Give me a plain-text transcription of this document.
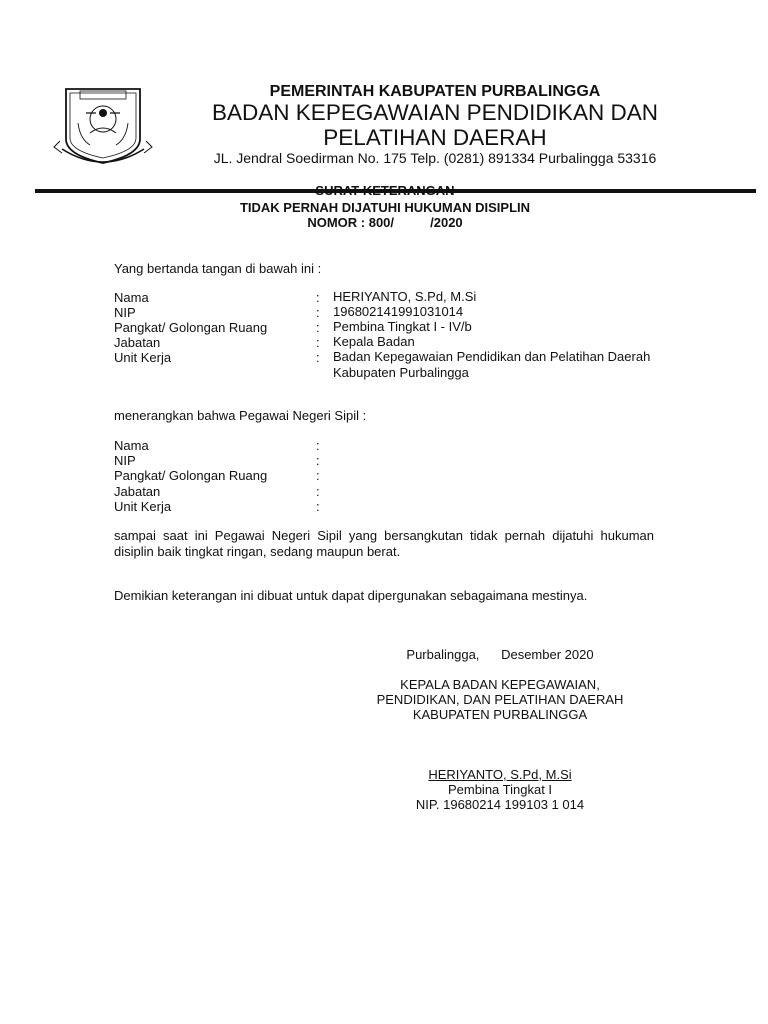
PEMERINTAH KABUPATEN PURBALINGGA
BADAN KEPEGAWAIAN PENDIDIKAN DAN
PELATIHAN DAERAH
JL. Jendral Soedirman No. 175 Telp. (0281) 891334 Purbalingga 53316
TIDAK PERNAH DIJATUHI HUKUMAN DISIPLIN
NOMOR : 800/          /2020
Yang bertanda tangan di bawah ini :
Nama	: HERIYANTO, S.Pd, M.Si
NIP	: 196802141991031014
Pangkat/ Golongan Ruang	: Pembina Tingkat I - IV/b
Jabatan	: Kepala Badan
Unit Kerja	: Badan Kepegawaian Pendidikan dan Pelatihan Daerah Kabupaten Purbalingga
menerangkan bahwa Pegawai Negeri Sipil :
Nama	:
NIP	:
Pangkat/ Golongan Ruang	:
Jabatan	:
Unit Kerja	:
sampai saat ini Pegawai Negeri Sipil yang bersangkutan tidak pernah dijatuhi hukuman disiplin baik tingkat ringan, sedang maupun berat.
Demikian keterangan ini dibuat untuk dapat dipergunakan sebagaimana mestinya.
Purbalingga,      Desember 2020
KEPALA BADAN KEPEGAWAIAN,
PENDIDIKAN, DAN PELATIHAN DAERAH
KABUPATEN PURBALINGGA
HERIYANTO, S.Pd, M.Si
Pembina Tingkat I
NIP. 19680214 199103 1 014
